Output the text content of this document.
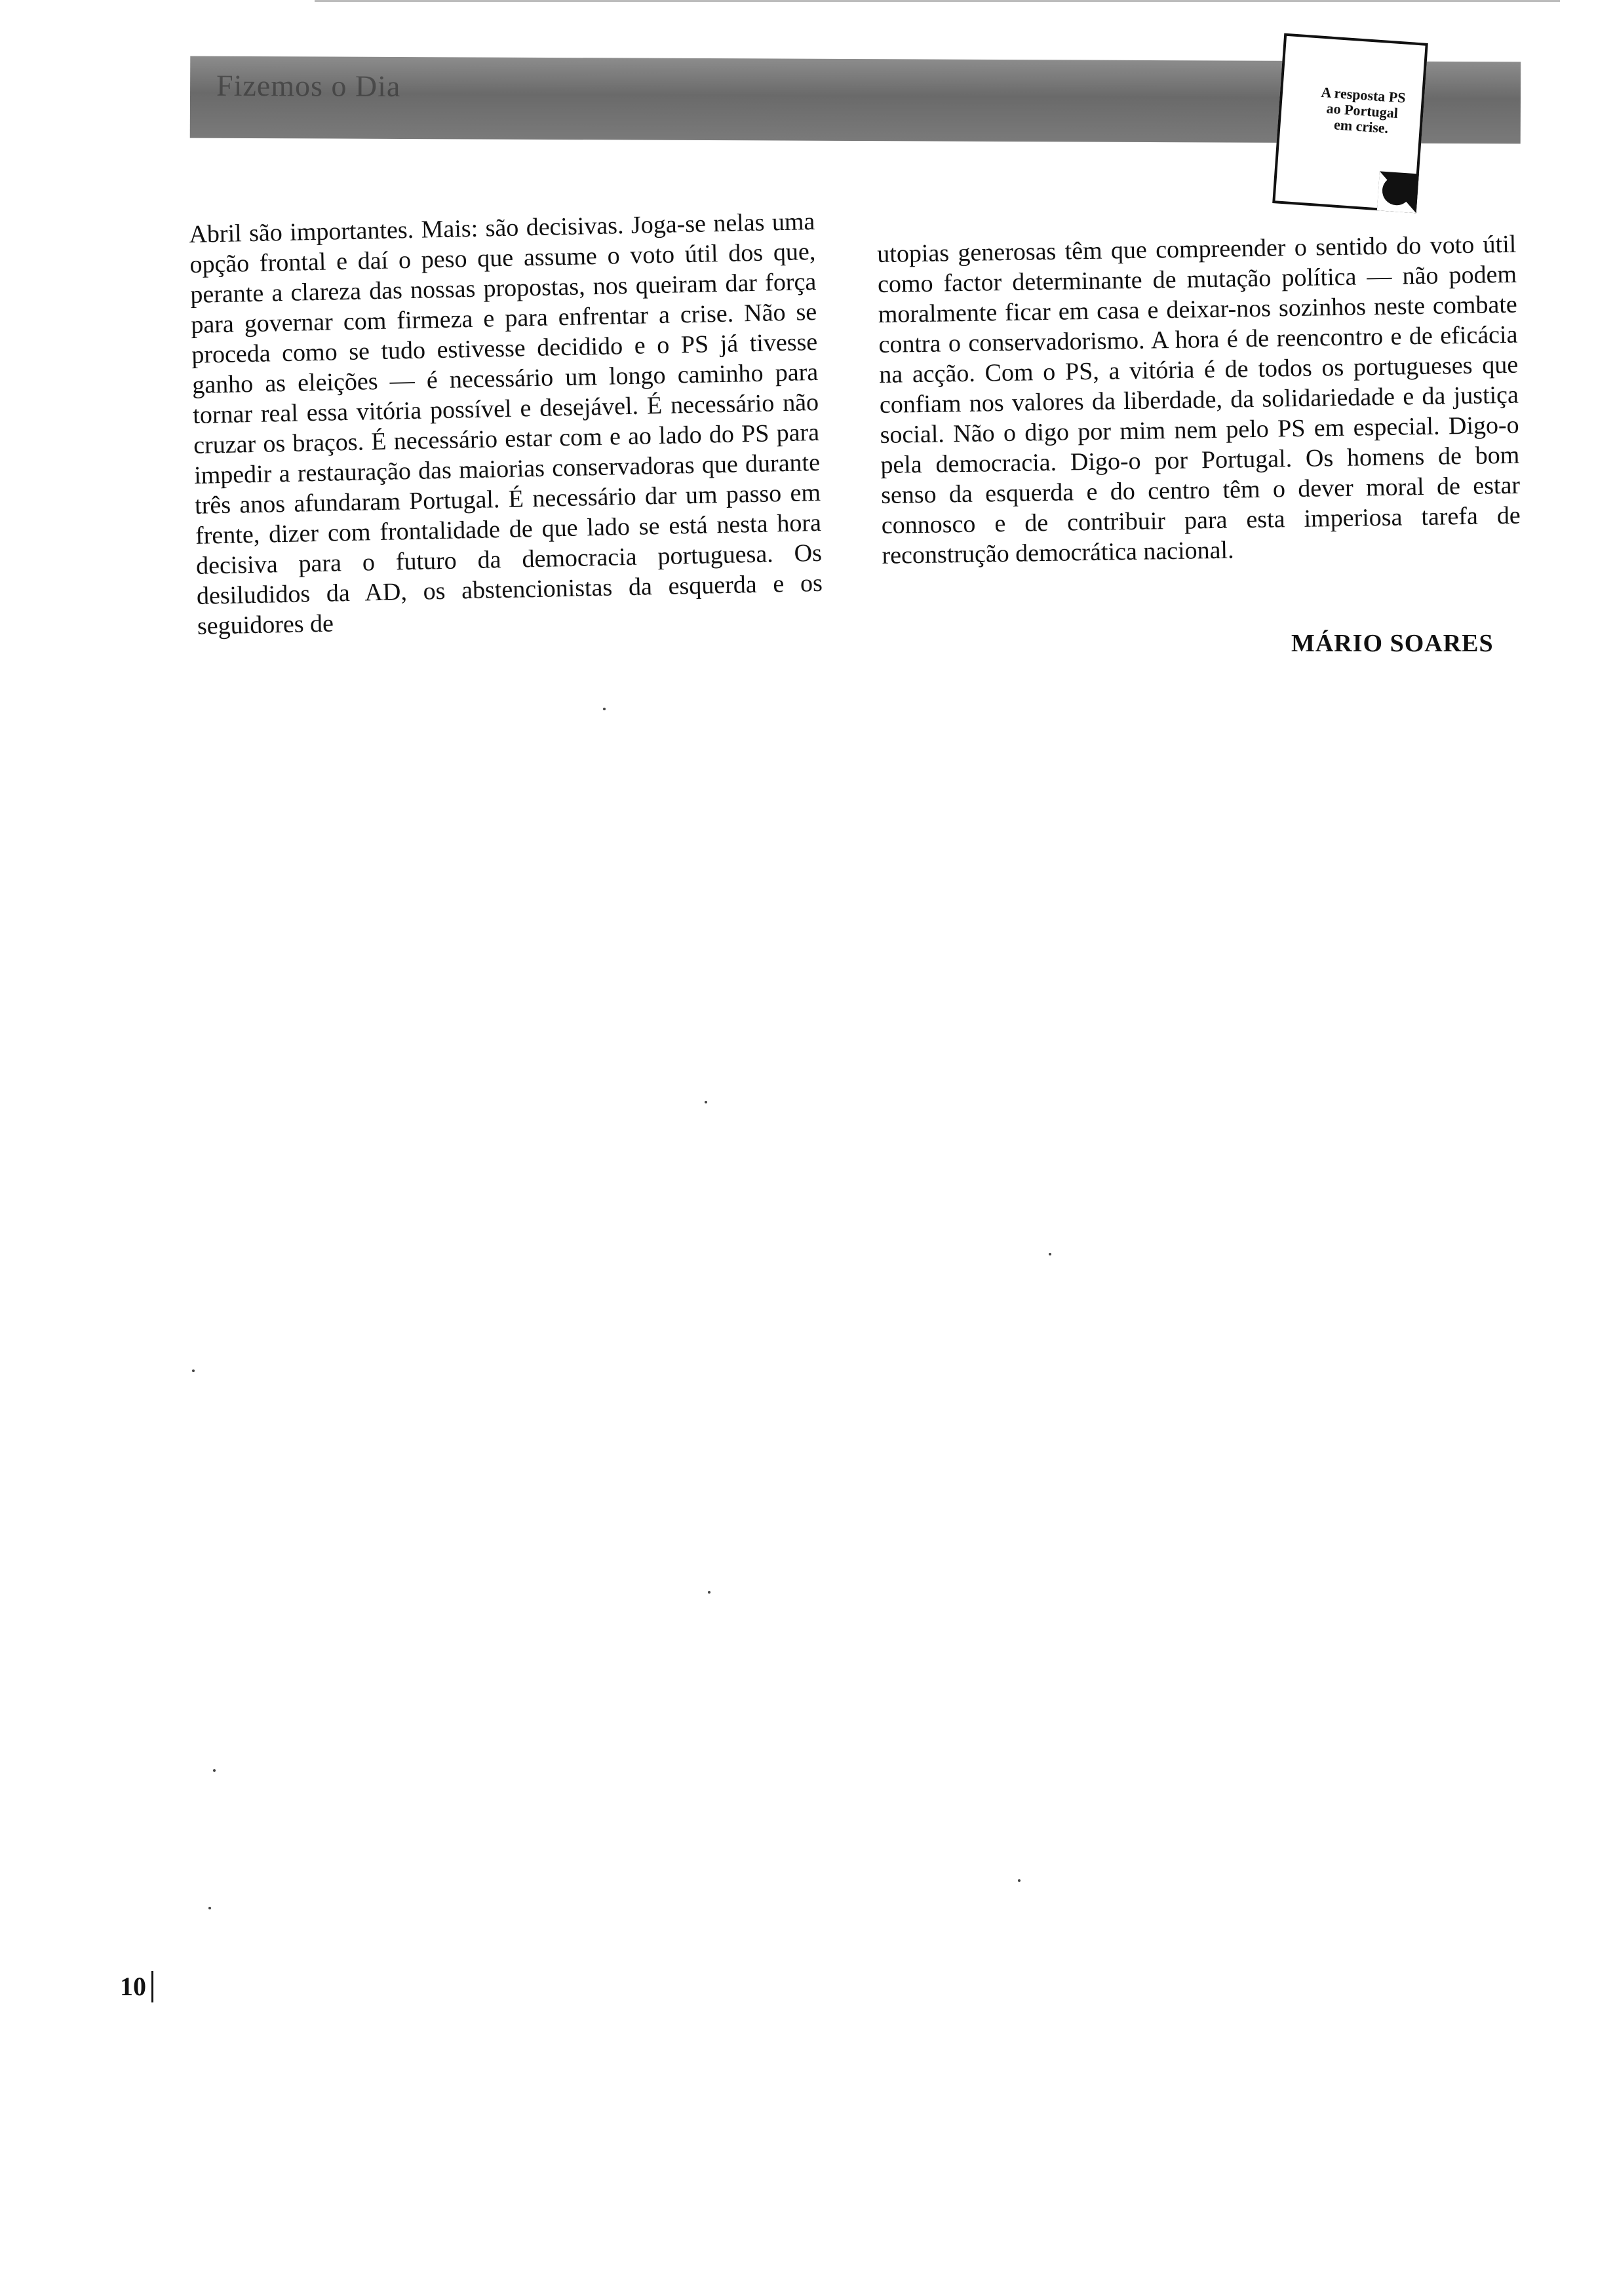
Fizemos o Dia	A resposta PS
ao Portugal
em crise.
Abril são importantes. Mais: são decisivas. Joga-se nelas uma opção frontal e daí o peso que assume o voto útil dos que, perante a clareza das nossas propostas, nos queiram dar força para governar com firmeza e para enfrentar a crise. Não se proceda como se tudo estivesse decidido e o PS já tivesse ganho as eleições — é necessário um longo caminho para tornar real essa vitória possível e desejável. É necessário não cruzar os braços. É necessário estar com e ao lado do PS para impedir a restauração das maiorias conservadoras que durante três anos afundaram Portugal. É necessário dar um passo em frente, dizer com frontalidade de que lado se está nesta hora decisiva para o futuro da democracia portuguesa. Os desiludidos da AD, os abstencionistas da esquerda e os seguidores de
utopias generosas têm que compreender o sentido do voto útil como factor determinante de mutação política — não podem moralmente ficar em casa e deixar-nos sozinhos neste combate contra o conservadorismo. A hora é de reencontro e de eficácia na acção. Com o PS, a vitória é de todos os portugueses que confiam nos valores da liberdade, da solidariedade e da justiça social. Não o digo por mim nem pelo PS em especial. Digo-o pela democracia. Digo-o por Portugal. Os homens de bom senso da esquerda e do centro têm o dever moral de estar connosco e de contribuir para esta imperiosa tarefa de reconstrução democrática nacional.
MÁRIO SOARES
10
